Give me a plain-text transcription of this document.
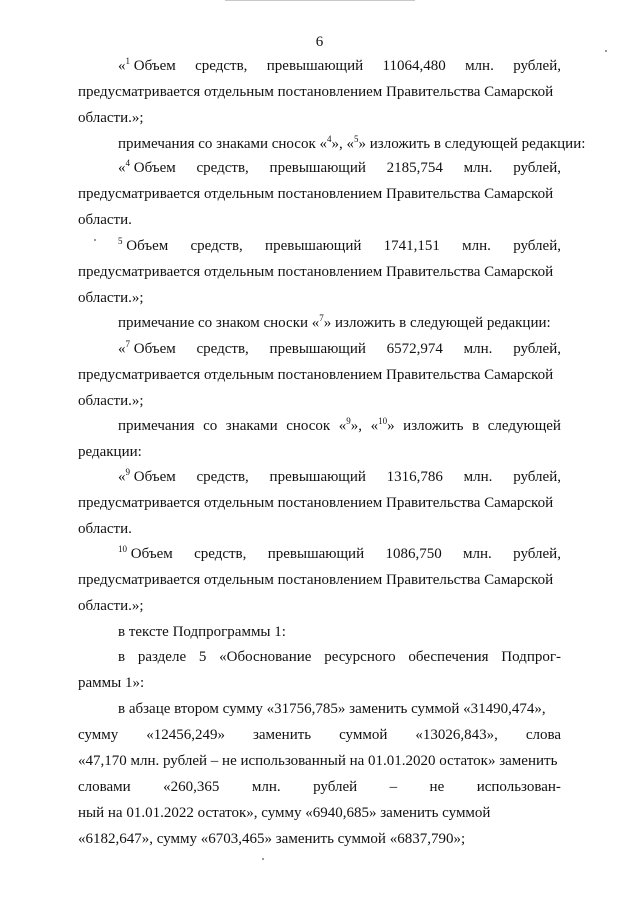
6
«$^1$ Объем средств, превышающий 11064,480 млн. рублей,
предусматривается отдельным постановлением Правительства Самарской
области.»;
примечания со знаками сносок «$^4$», «$^5$» изложить в следующей редакции:
«$^4$ Объем средств, превышающий 2185,754 млн. рублей,
предусматривается отдельным постановлением Правительства Самарской
области.
$^5$ Объем средств, превышающий 1741,151 млн. рублей,
предусматривается отдельным постановлением Правительства Самарской
области.»;
примечание со знаком сноски «$^7$» изложить в следующей редакции:
«$^7$ Объем средств, превышающий 6572,974 млн. рублей,
предусматривается отдельным постановлением Правительства Самарской
области.»;
примечания со знаками сносок «$^9$», «$^{10}$» изложить в следующей
редакции:
«$^9$ Объем средств, превышающий 1316,786 млн. рублей,
предусматривается отдельным постановлением Правительства Самарской
области.
$^{10}$ Объем средств, превышающий 1086,750 млн. рублей,
предусматривается отдельным постановлением Правительства Самарской
области.»;
в тексте Подпрограммы 1:
в разделе 5 «Обоснование ресурсного обеспечения Подпрог-
раммы 1»:
в абзаце втором сумму «31756,785» заменить суммой «31490,474»,
сумму «12456,249» заменить суммой «13026,843», слова
«47,170 млн. рублей – не использованный на 01.01.2020 остаток» заменить
словами «260,365 млн. рублей – не использован-
ный на 01.01.2022 остаток», сумму «6940,685» заменить суммой
«6182,647», сумму «6703,465» заменить суммой «6837,790»;
